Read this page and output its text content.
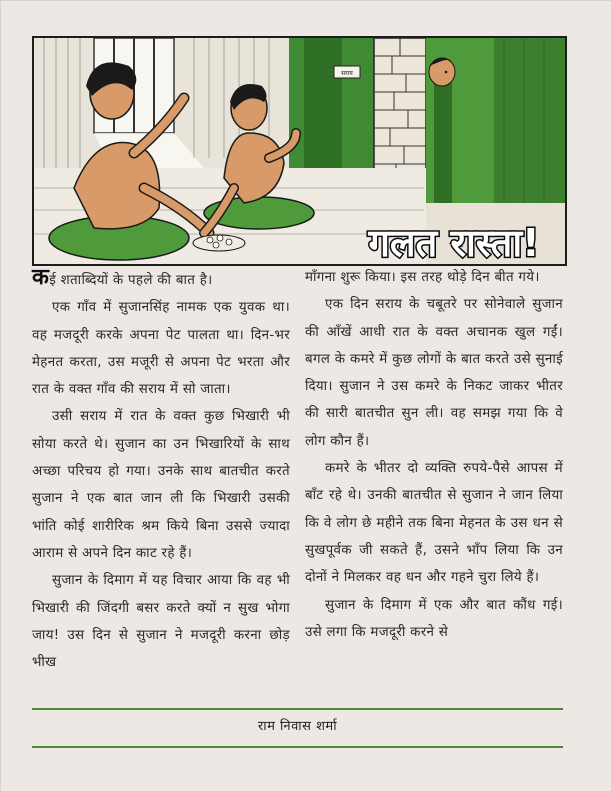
सराय
गलत रास्ता!

कई शताब्दियों के पहले की बात है।

एक गाँव में सुजानसिंह नामक एक युवक था। वह मजदूरी करके अपना पेट पालता था। दिन-भर मेहनत करता, उस मजूरी से अपना पेट भरता और रात के वक्त गाँव की सराय में सो जाता।

उसी सराय में रात के वक्त कुछ भिखारी भी सोया करते थे। सुजान का उन भिखारियों के साथ अच्छा परिचय हो गया। उनके साथ बातचीत करते सुजान ने एक बात जान ली कि भिखारी उसकी भांति कोई शारीरिक श्रम किये बिना उससे ज्यादा आराम से अपने दिन काट रहे हैं।

सुजान के दिमाग में यह विचार आया कि वह भी भिखारी की जिंदगी बसर करते क्यों न सुख भोगा जाय! उस दिन से सुजान ने मजदूरी करना छोड़ भीख

माँगना शुरू किया। इस तरह थोड़े दिन बीत गये।

एक दिन सराय के चबूतरे पर सोनेवाले सुजान की आँखें आधी रात के वक्त अचानक खुल गईं। बगल के कमरे में कुछ लोगों के बात करते उसे सुनाई दिया। सुजान ने उस कमरे के निकट जाकर भीतर की सारी बातचीत सुन ली। वह समझ गया कि वे लोग कौन हैं।

कमरे के भीतर दो व्यक्ति रुपये-पैसे आपस में बाँट रहे थे। उनकी बातचीत से सुजान ने जान लिया कि वे लोग छे महीने तक बिना मेहनत के उस धन से सुखपूर्वक जी सकते हैं, उसने भाँप लिया कि उन दोनों ने मिलकर वह धन और गहने चुरा लिये हैं।

सुजान के दिमाग में एक और बात कौंध गई। उसे लगा कि मजदूरी करने से

राम निवास शर्मा
